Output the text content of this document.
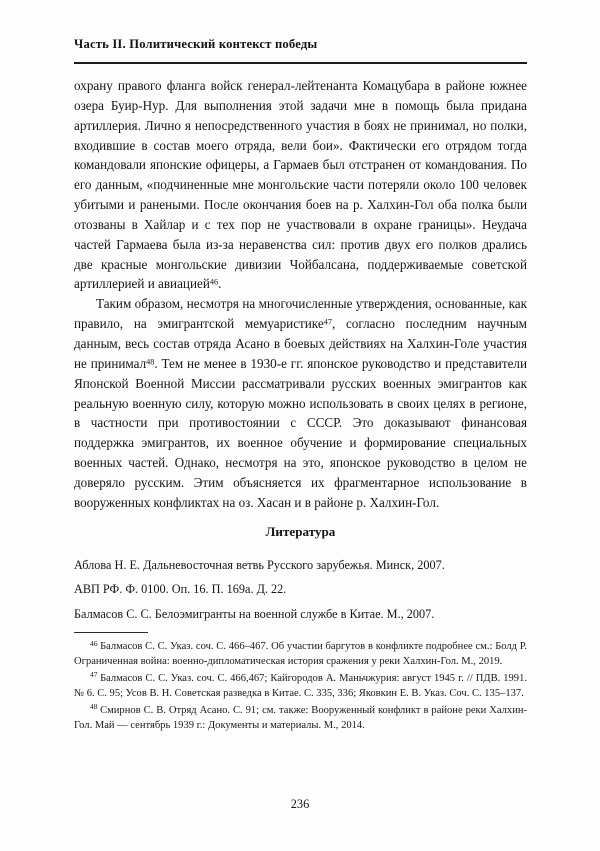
Часть II. Политический контекст победы

охрану правого фланга войск генерал-лейтенанта Комацубара в районе южнее озера Буир-Нур. Для выполнения этой задачи мне в помощь была придана артиллерия. Лично я непосредственного участия в боях не принимал, но полки, входившие в состав моего отряда, вели бои». Фактически его отрядом тогда командовали японские офицеры, а Гармаев был отстранен от командования. По его данным, «подчиненные мне монгольские части потеряли около 100 человек убитыми и ранеными. После окончания боев на р. Халхин-Гол оба полка были отозваны в Хайлар и с тех пор не участвовали в охране границы». Неудача частей Гармаева была из-за неравенства сил: против двух его полков дрались две красные монгольские дивизии Чойбалсана, поддерживаемые советской артиллерией и авиацией$^{46}$.

Таким образом, несмотря на многочисленные утверждения, основанные, как правило, на эмигрантской мемуаристике$^{47}$, согласно последним научным данным, весь состав отряда Асано в боевых действиях на Халхин-Голе участия не принимал$^{48}$. Тем не менее в 1930-е гг. японское руководство и представители Японской Военной Миссии рассматривали русских военных эмигрантов как реальную военную силу, которую можно использовать в своих целях в регионе, в частности при противостоянии с СССР. Это доказывают финансовая поддержка эмигрантов, их военное обучение и формирование специальных военных частей. Однако, несмотря на это, японское руководство в целом не доверяло русским. Этим объясняется их фрагментарное использование в вооруженных конфликтах на оз. Хасан и в районе р. Халхин-Гол.

Литература

Аблова Н. Е. Дальневосточная ветвь Русского зарубежья. Минск, 2007.

АВП РФ. Ф. 0100. Оп. 16. П. 169а. Д. 22.

Балмасов С. С. Белоэмигранты на военной службе в Китае. М., 2007.

$^{46}$ Балмасов С. С. Указ. соч. С. 466–467. Об участии баргутов в конфликте подробнее см.: Болд Р. Ограниченная война: военно-дипломатическая история сражения у реки Халхин-Гол. М., 2019.

$^{47}$ Балмасов С. С. Указ. соч. С. 466,467; Кайгородов А. Маньчжурия: август 1945 г. // ПДВ. 1991. № 6. С. 95; Усов В. Н. Советская разведка в Китае. С. 335, 336; Яковкин Е. В. Указ. Соч. С. 135–137.

$^{48}$ Смирнов С. В. Отряд Асано. С. 91; см. также: Вооруженный конфликт в районе реки Халхин-Гол. Май — сентябрь 1939 г.: Документы и материалы. М., 2014.

236
